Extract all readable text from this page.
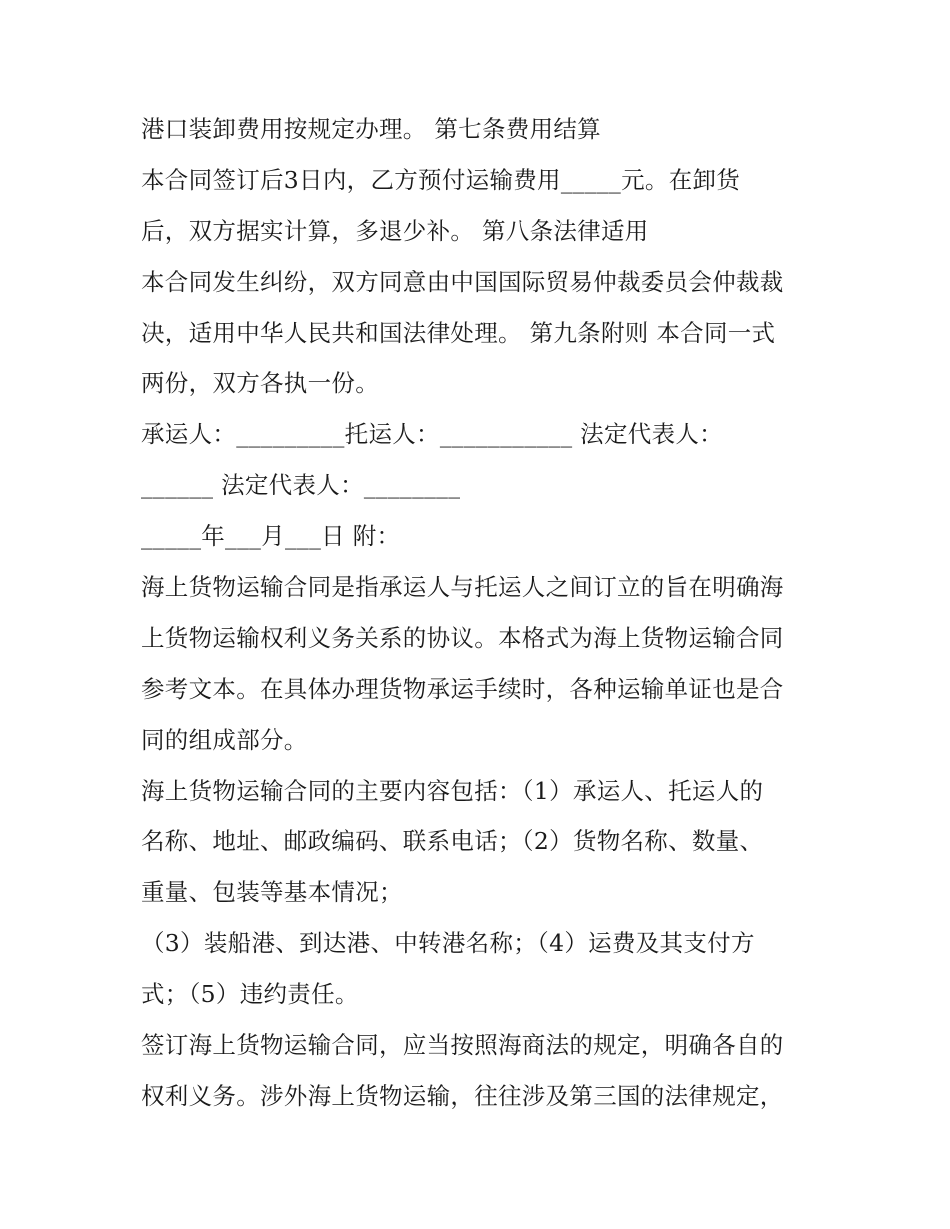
港口装卸费用按规定办理。 第七条费用结算
本合同签订后3日内，乙方预付运输费用_____元。在卸货
后，双方据实计算，多退少补。 第八条法律适用
本合同发生纠纷，双方同意由中国国际贸易仲裁委员会仲裁裁
决，适用中华人民共和国法律处理。 第九条附则 本合同一式
两份，双方各执一份。
承运人：_________托运人：___________ 法定代表人：
______ 法定代表人：________
_____年___月___日 附：
海上货物运输合同是指承运人与托运人之间订立的旨在明确海
上货物运输权利义务关系的协议。本格式为海上货物运输合同
参考文本。在具体办理货物承运手续时，各种运输单证也是合
同的组成部分。
海上货物运输合同的主要内容包括：（1）承运人、托运人的
名称、地址、邮政编码、联系电话；（2）货物名称、数量、
重量、包装等基本情况；
（3）装船港、到达港、中转港名称；（4）运费及其支付方
式；（5）违约责任。
签订海上货物运输合同，应当按照海商法的规定，明确各自的
权利义务。涉外海上货物运输，往往涉及第三国的法律规定，
